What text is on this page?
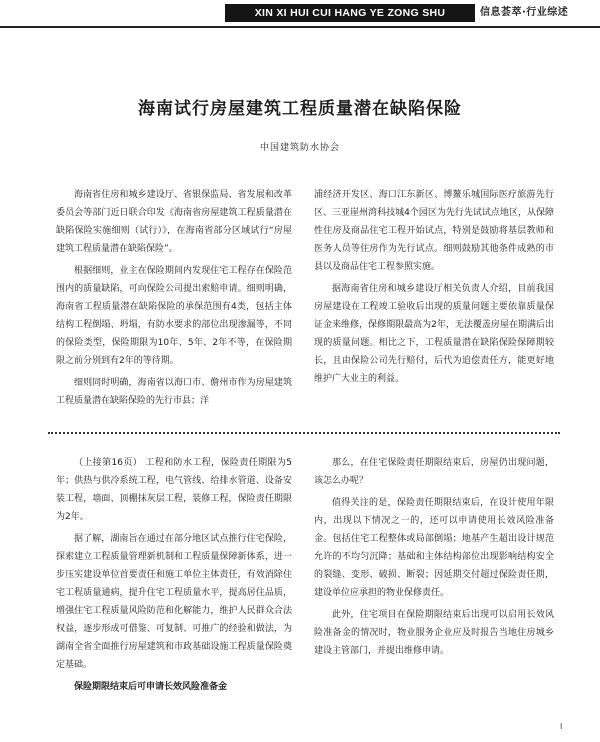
XIN XI HUI CUI HANG YE ZONG SHU	信息荟萃·行业综述
海南试行房屋建筑工程质量潜在缺陷保险
中国建筑防水协会

海南省住房和城乡建设厅、省银保监局、省发展和改革委员会等部门近日联合印发《海南省房屋建筑工程质量潜在缺陷保险实施细则（试行）》，在海南省部分区域试行“房屋建筑工程质量潜在缺陷保险”。

根据细则，业主在保险期间内发现住宅工程存在保险范围内的质量缺陷，可向保险公司提出索赔申请。细则明确，海南省工程质量潜在缺陷保险的承保范围有4类，包括主体结构工程倒塌、坍塌，有防水要求的部位出现渗漏等，不同的保险类型，保险期限为10年、5年、2年不等，在保险期限之前分别到有2年的等待期。

细则同时明确，海南省以海口市、儋州市作为房屋建筑工程质量潜在缺陷保险的先行市县；洋

浦经济开发区、海口江东新区、博鳌乐城国际医疗旅游先行区、三亚崖州湾科技城4个园区为先行先试试点地区，从保障性住房及商品住宅工程开始试点，特别是鼓励将基层教师和医务人员等住房作为先行试点。细则鼓励其他条件成熟的市县以及商品住宅工程参照实施。

据海南省住房和城乡建设厅相关负责人介绍，目前我国房屋建设在工程竣工验收后出现的质量问题主要依靠质量保证金来维修，保修期限最高为2年，无法覆盖房屋在期满后出现的质量问题。相比之下，工程质量潜在缺陷保险保障期较长，且由保险公司先行赔付，后代为追偿责任方，能更好地维护广大业主的利益。

（上接第16页） 工程和防水工程，保险责任期限为5年；供热与供冷系统工程，电气管线、给排水管道、设备安装工程，墙面、顶棚抹灰层工程，装修工程，保险责任期限为2年。

据了解，湖南旨在通过在部分地区试点推行住宅保险，探索建立工程质量管理新机制和工程质量保障新体系，进一步压实建设单位首要责任和施工单位主体责任，有效消除住宅工程质量通病，提升住宅工程质量水平，提高居住品质，增强住宅工程质量风险防范和化解能力，维护人民群众合法权益，逐步形成可借鉴、可复制、可推广的经验和做法，为湖南全省全面推行房屋建筑和市政基础设施工程质量保险奠定基础。

保险期限结束后可申请长效风险准备金

那么，在住宅保险责任期限结束后，房屋仍出现问题，该怎么办呢？

值得关注的是，保险责任期限结束后，在设计使用年限内，出现以下情况之一的，还可以申请使用长效风险准备金。包括住宅工程整体或局部倒塌；地基产生超出设计规范允许的不均匀沉降；基础和主体结构部位出现影响结构安全的裂缝、变形、破损、断裂；因延期交付超过保险责任期，建设单位应承担的物业保修责任。

此外，住宅项目在保险期限结束后出现可以启用长效风险准备金的情况时，物业服务企业应及时报告当地住房城乡建设主管部门，并提出维修申请。

I
